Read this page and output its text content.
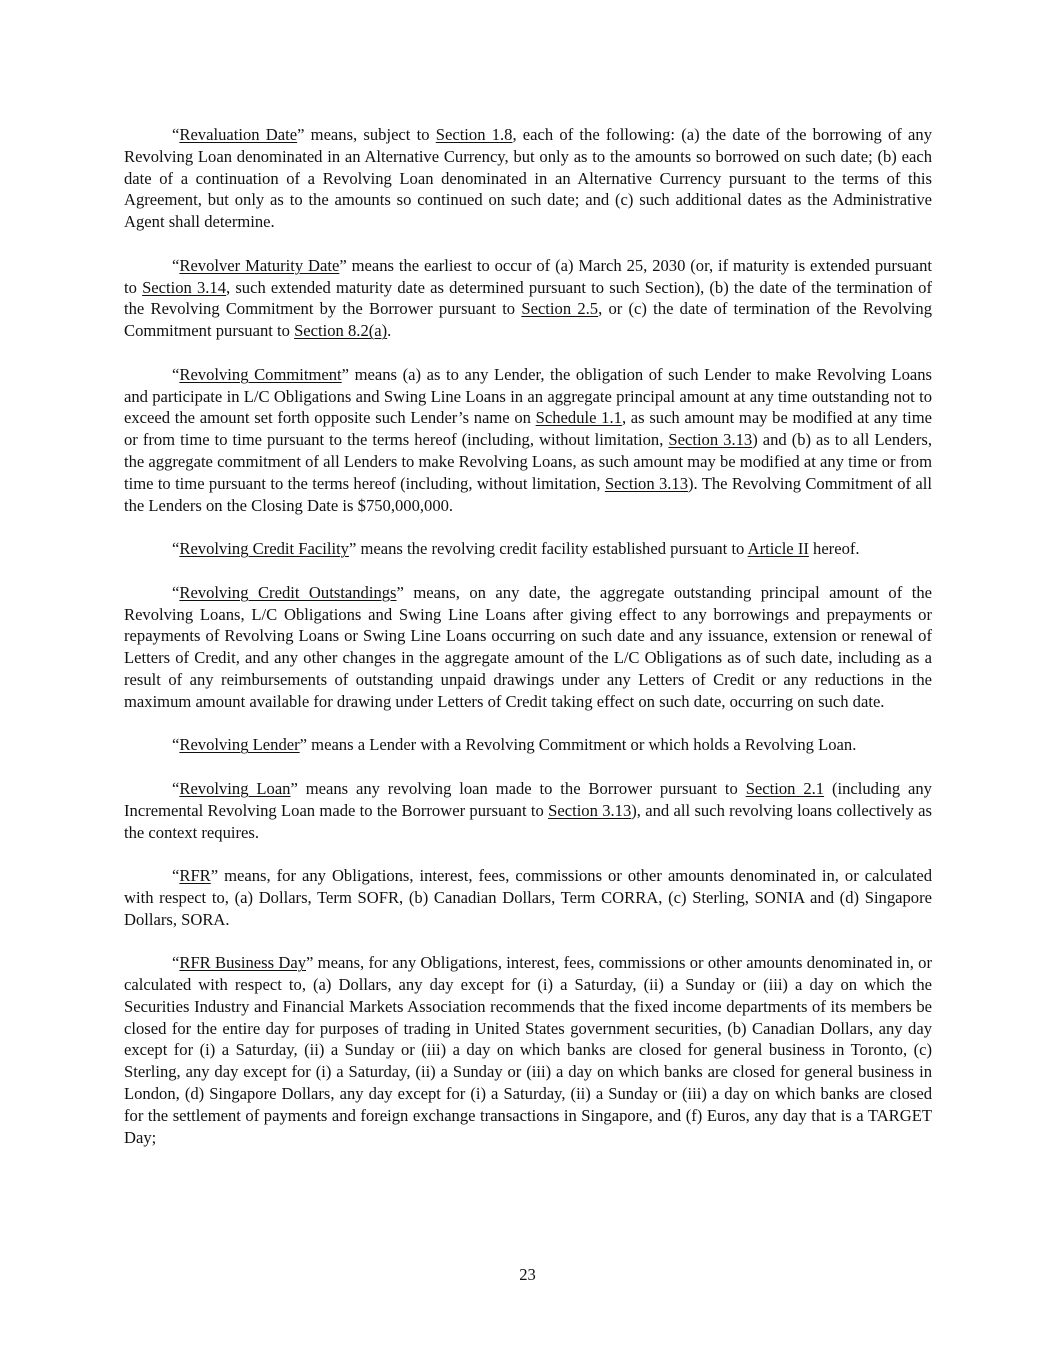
“Revaluation Date” means, subject to Section 1.8, each of the following: (a) the date of the borrowing of any Revolving Loan denominated in an Alternative Currency, but only as to the amounts so borrowed on such date; (b) each date of a continuation of a Revolving Loan denominated in an Alternative Currency pursuant to the terms of this Agreement, but only as to the amounts so continued on such date; and (c) such additional dates as the Administrative Agent shall determine.

“Revolver Maturity Date” means the earliest to occur of (a) March 25, 2030 (or, if maturity is extended pursuant to Section 3.14, such extended maturity date as determined pursuant to such Section), (b) the date of the termination of the Revolving Commitment by the Borrower pursuant to Section 2.5, or (c) the date of termination of the Revolving Commitment pursuant to Section 8.2(a).

“Revolving Commitment” means (a) as to any Lender, the obligation of such Lender to make Revolving Loans and participate in L/C Obligations and Swing Line Loans in an aggregate principal amount at any time outstanding not to exceed the amount set forth opposite such Lender’s name on Schedule 1.1, as such amount may be modified at any time or from time to time pursuant to the terms hereof (including, without limitation, Section 3.13) and (b) as to all Lenders, the aggregate commitment of all Lenders to make Revolving Loans, as such amount may be modified at any time or from time to time pursuant to the terms hereof (including, without limitation, Section 3.13). The Revolving Commitment of all the Lenders on the Closing Date is $750,000,000.

“Revolving Credit Facility” means the revolving credit facility established pursuant to Article II hereof.

“Revolving Credit Outstandings” means, on any date, the aggregate outstanding principal amount of the Revolving Loans, L/C Obligations and Swing Line Loans after giving effect to any borrowings and prepayments or repayments of Revolving Loans or Swing Line Loans occurring on such date and any issuance, extension or renewal of Letters of Credit, and any other changes in the aggregate amount of the L/C Obligations as of such date, including as a result of any reimbursements of outstanding unpaid drawings under any Letters of Credit or any reductions in the maximum amount available for drawing under Letters of Credit taking effect on such date, occurring on such date.

“Revolving Lender” means a Lender with a Revolving Commitment or which holds a Revolving Loan.

“Revolving Loan” means any revolving loan made to the Borrower pursuant to Section 2.1 (including any Incremental Revolving Loan made to the Borrower pursuant to Section 3.13), and all such revolving loans collectively as the context requires.

“RFR” means, for any Obligations, interest, fees, commissions or other amounts denominated in, or calculated with respect to, (a) Dollars, Term SOFR, (b) Canadian Dollars, Term CORRA, (c) Sterling, SONIA and (d) Singapore Dollars, SORA.

“RFR Business Day” means, for any Obligations, interest, fees, commissions or other amounts denominated in, or calculated with respect to, (a) Dollars, any day except for (i) a Saturday, (ii) a Sunday or (iii) a day on which the Securities Industry and Financial Markets Association recommends that the fixed income departments of its members be closed for the entire day for purposes of trading in United States government securities, (b) Canadian Dollars, any day except for (i) a Saturday, (ii) a Sunday or (iii) a day on which banks are closed for general business in Toronto, (c) Sterling, any day except for (i) a Saturday, (ii) a Sunday or (iii) a day on which banks are closed for general business in London, (d) Singapore Dollars, any day except for (i) a Saturday, (ii) a Sunday or (iii) a day on which banks are closed for the settlement of payments and foreign exchange transactions in Singapore, and (f) Euros, any day that is a TARGET Day;

23
